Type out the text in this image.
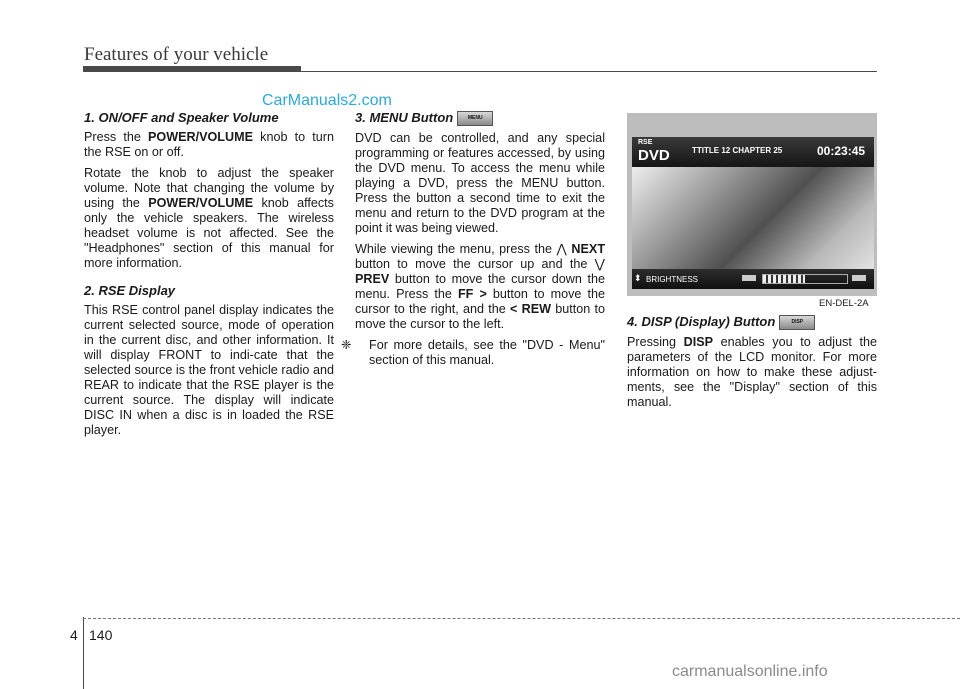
Features of your vehicle
CarManuals2.com
1. ON/OFF and Speaker Volume

Press the POWER/VOLUME knob to turn the RSE on or off.

Rotate the knob to adjust the speaker volume. Note that changing the volume by using the POWER/VOLUME knob affects only the vehicle speakers. The wireless headset volume is not affected. See the "Headphones" section of this manual for more information.

2. RSE Display

This RSE control panel display indicates the current selected source, mode of operation in the current disc, and other information. It will display FRONT to indi-cate that the selected source is the front vehicle radio and REAR to indicate that the RSE player is the current source. The display will indicate DISC IN when a disc is in loaded the RSE player.

3. MENU Button	MENU

DVD can be controlled, and any special programming or features accessed, by using the DVD menu. To access the menu while playing a DVD, press the MENU button. Press the button a second time to exit the menu and return to the DVD program at the point it was being viewed.

While viewing the menu, press the ⋀ NEXT button to move the cursor up and the ⋁ PREV button to move the cursor down the menu. Press the FF > button to move the cursor to the right, and the < REW button to move the cursor to the left.

❈ For more details, see the "DVD - Menu" section of this manual.

RSE
DVD	TTITLE 12 CHAPTER 25	00:23:45
⬍ BRIGHTNESS
EN-DEL-2A
4. DISP (Display) Button	DISP

Pressing DISP enables you to adjust the parameters of the LCD monitor. For more information on how to make these adjust-ments, see the "Display" section of this manual.

4 140
carmanualsonline.info
